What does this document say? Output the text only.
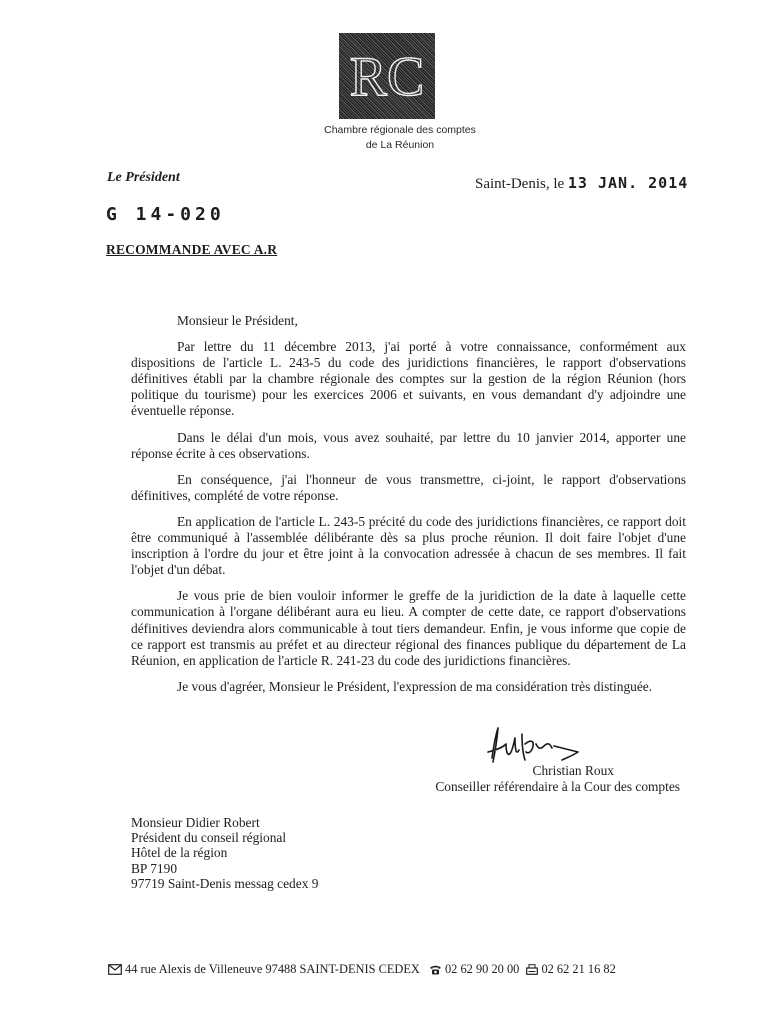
RC
Chambre régionale des comptes
de La Réunion
Le Président	Saint-Denis, le 13 JAN. 2014
G 14-020
RECOMMANDE AVEC A.R

Monsieur le Président,

Par lettre du 11 décembre 2013, j'ai porté à votre connaissance, conformément aux dispositions de l'article L. 243-5 du code des juridictions financières, le rapport d'observations définitives établi par la chambre régionale des comptes sur la gestion de la région Réunion (hors politique du tourisme) pour les exercices 2006 et suivants, en vous demandant d'y adjoindre une éventuelle réponse.

Dans le délai d'un mois, vous avez souhaité, par lettre du 10 janvier 2014, apporter une réponse écrite à ces observations.

En conséquence, j'ai l'honneur de vous transmettre, ci-joint, le rapport d'observations définitives, complété de votre réponse.

En application de l'article L. 243-5 précité du code des juridictions financières, ce rapport doit être communiqué à l'assemblée délibérante dès sa plus proche réunion. Il doit faire l'objet d'une inscription à l'ordre du jour et être joint à la convocation adressée à chacun de ses membres. Il fait l'objet d'un débat.

Je vous prie de bien vouloir informer le greffe de la juridiction de la date à laquelle cette communication à l'organe délibérant aura eu lieu. A compter de cette date, ce rapport d'observations définitives deviendra alors communicable à tout tiers demandeur. Enfin, je vous informe que copie de ce rapport est transmis au préfet et au directeur régional des finances publique du département de La Réunion, en application de l'article R. 241-23 du code des juridictions financières.

Je vous d'agréer, Monsieur le Président, l'expression de ma considération très distinguée.

Christian Roux
Conseiller référendaire à la Cour des comptes
Monsieur Didier Robert
Président du conseil régional
Hôtel de la région
BP 7190
97719 Saint-Denis messag cedex 9
44 rue Alexis de Villeneuve 97488 SAINT-DENIS CEDEX 02 62 90 20 00 02 62 21 16 82
